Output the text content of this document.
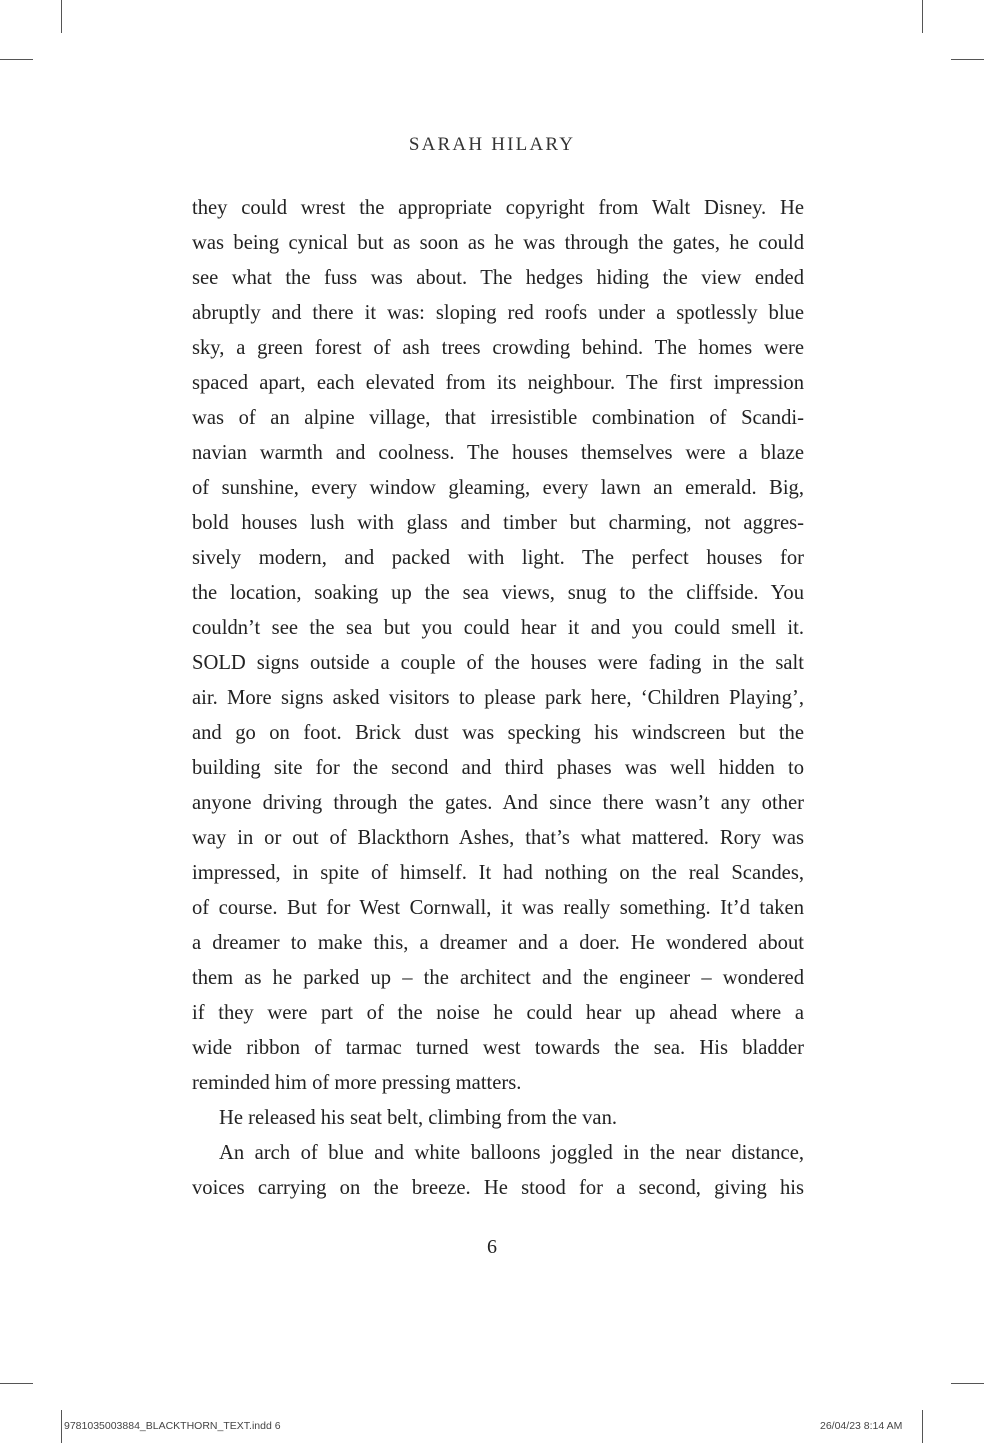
SARAH HILARY
they could wrest the appropriate copyright from Walt Disney. He
was being cynical but as soon as he was through the gates, he could
see what the fuss was about. The hedges hiding the view ended
abruptly and there it was: sloping red roofs under a spotlessly blue
sky, a green forest of ash trees crowding behind. The homes were
spaced apart, each elevated from its neighbour. The first impression
was of an alpine village, that irresistible combination of Scandi-
navian warmth and coolness. The houses themselves were a blaze
of sunshine, every window gleaming, every lawn an emerald. Big,
bold houses lush with glass and timber but charming, not aggres-
sively modern, and packed with light. The perfect houses for
the location, soaking up the sea views, snug to the cliffside. You
couldn’t see the sea but you could hear it and you could smell it.
SOLD signs outside a couple of the houses were fading in the salt
air. More signs asked visitors to please park here, ‘Children Playing’,
and go on foot. Brick dust was specking his windscreen but the
building site for the second and third phases was well hidden to
anyone driving through the gates. And since there wasn’t any other
way in or out of Blackthorn Ashes, that’s what mattered. Rory was
impressed, in spite of himself. It had nothing on the real Scandes,
of course. But for West Cornwall, it was really something. It’d taken
a dreamer to make this, a dreamer and a doer. He wondered about
them as he parked up – the architect and the engineer – wondered
if they were part of the noise he could hear up ahead where a
wide ribbon of tarmac turned west towards the sea. His bladder
reminded him of more pressing matters.
He released his seat belt, climbing from the van.
An arch of blue and white balloons joggled in the near distance,
voices carrying on the breeze. He stood for a second, giving his
6
9781035003884_BLACKTHORN_TEXT.indd 6	26/04/23 8:14 AM
